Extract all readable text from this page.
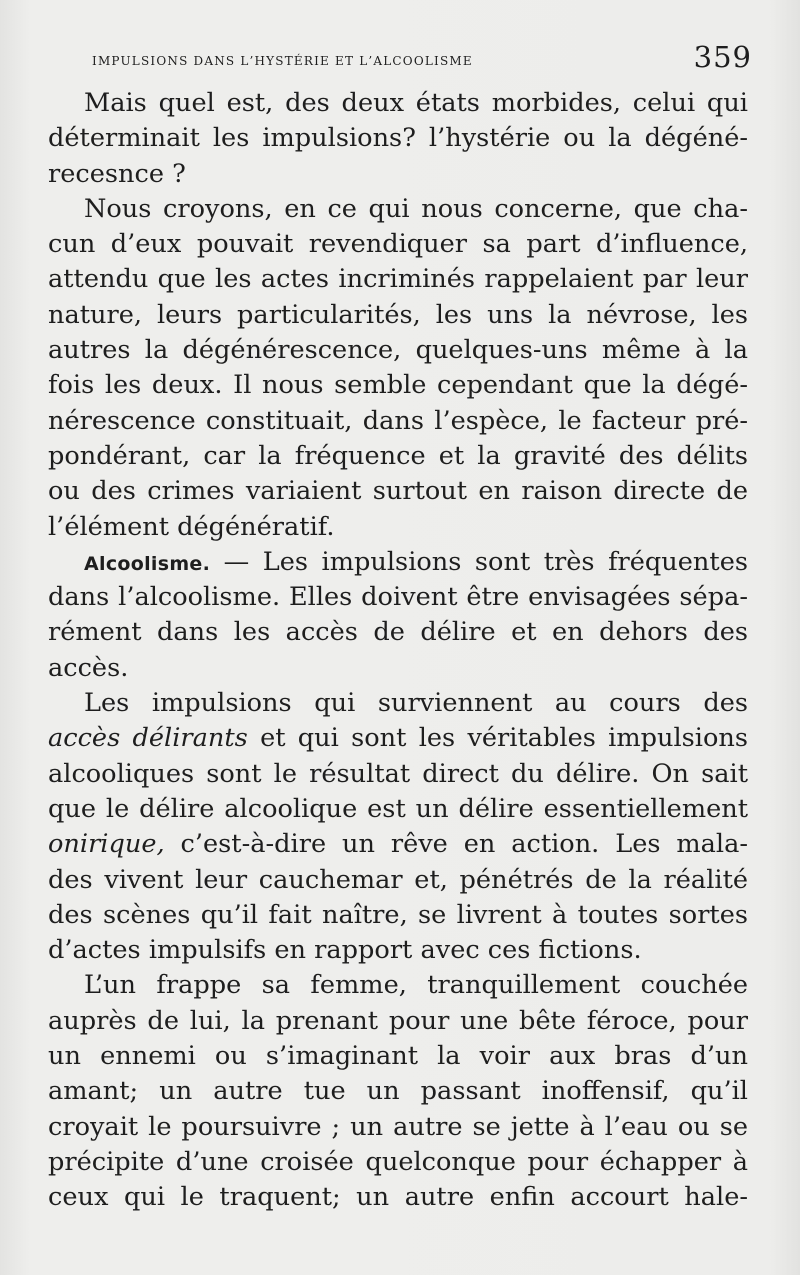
impulsions dans l’hystérie et l’alcoolisme	359
Mais quel est, des deux états morbides, celui qui
déterminait les impulsions? l’hystérie ou la dégéné-
recesnce ?
Nous croyons, en ce qui nous concerne, que cha-
cun d’eux pouvait revendiquer sa part d’influence,
attendu que les actes incriminés rappelaient par leur
nature, leurs particularités, les uns la névrose, les
autres la dégénérescence, quelques-uns même à la
fois les deux. Il nous semble cependant que la dégé-
nérescence constituait, dans l’espèce, le facteur pré-
pondérant, car la fréquence et la gravité des délits
ou des crimes variaient surtout en raison directe de
l’élément dégénératif.
Alcoolisme. — Les impulsions sont très fréquentes
dans l’alcoolisme. Elles doivent être envisagées sépa-
rément dans les accès de délire et en dehors des
accès.
Les impulsions qui surviennent au cours des
accès délirants et qui sont les véritables impulsions
alcooliques sont le résultat direct du délire. On sait
que le délire alcoolique est un délire essentiellement
onirique, c’est-à-dire un rêve en action. Les mala-
des vivent leur cauchemar et, pénétrés de la réalité
des scènes qu’il fait naître, se livrent à toutes sortes
d’actes impulsifs en rapport avec ces fictions.
L’un frappe sa femme, tranquillement couchée
auprès de lui, la prenant pour une bête féroce, pour
un ennemi ou s’imaginant la voir aux bras d’un
amant; un autre tue un passant inoffensif, qu’il
croyait le poursuivre ; un autre se jette à l’eau ou se
précipite d’une croisée quelconque pour échapper à
ceux qui le traquent; un autre enfin accourt hale-
